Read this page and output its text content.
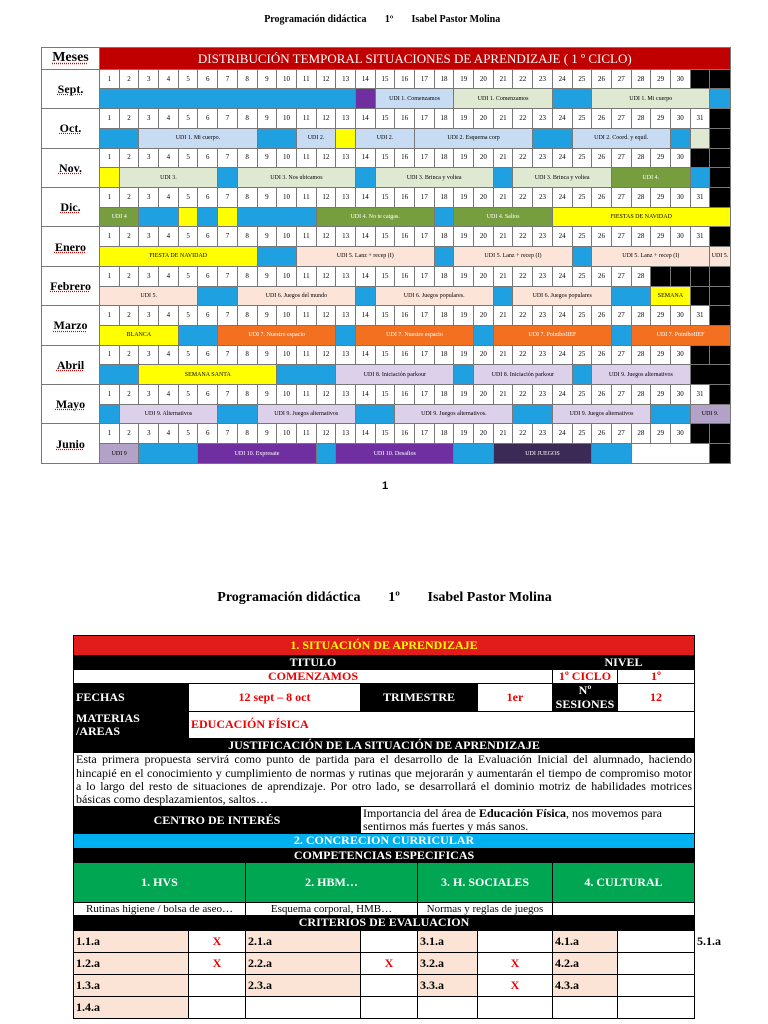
Programación didáctica 1º Isabel Pastor Molina
Meses	DISTRIBUCIÓN TEMPORAL SITUACIONES DE APRENDIZAJE ( 1 º CICLO)																															
Sept.	1	2	3	4	5	6	7	8	9	10	11	12	13	14	15	16	17	18	19	20	21	22	23	24	25	26	27	28	29	30		
															UDI 1. Comenzamos				UDI 1. Comenzamos							UDI 1. Mi cuerpo						
Oct.	1	2	3	4	5	6	7	8	9	10	11	12	13	14	15	16	17	18	19	20	21	22	23	24	25	26	27	28	29	30	31	
			UDI 1. Mi cuerpo.								UDI 2.			UDI 2.			UDI 2. Esquema corp								UDI 2. Coord. y equil.							
Nov.	1	2	3	4	5	6	7	8	9	10	11	12	13	14	15	16	17	18	19	20	21	22	23	24	25	26	27	28	29	30		
		UDI 3.						UDI 3. Nos ubicamos							UDI 3. Brinca y voltea							UDI 3. Brinca y voltea					UDI 4.					
Dic.	1	2	3	4	5	6	7	8	9	10	11	12	13	14	15	16	17	18	19	20	21	22	23	24	25	26	27	28	29	30	31	
	UDI 4											UDI 4. No te caigas.							UDI 4. Saltos					FIESTAS DE NAVIDAD								
Enero	1	2	3	4	5	6	7	8	9	10	11	12	13	14	15	16	17	18	19	20	21	22	23	24	25	26	27	28	29	30	31	
	FIESTA DE NAVIDAD										UDI 5. Lanz + recep (I)								UDI 5. Lanz + recep (I)							UDI 5. Lanz + recep (I)						UDI 5.
Febrero	1	2	3	4	5	6	7	8	9	10	11	12	13	14	15	16	17	18	19	20	21	22	23	24	25	26	27	28				
	UDI 5.							UDI 6. Juegos del mundo							UDI 6. Juegos populares.							UDI 6. Juegos populares							SEMANA			
Marzo	1	2	3	4	5	6	7	8	9	10	11	12	13	14	15	16	17	18	19	20	21	22	23	24	25	26	27	28	29	30	31	
	BLANCA						UDI 7. Nuestro espacio							UDI 7. Nuestro espacio							UDI 7. PointboIIEF							UDI 7. PointboIIEF				
Abril	1	2	3	4	5	6	7	8	9	10	11	12	13	14	15	16	17	18	19	20	21	22	23	24	25	26	27	28	29	30		
			SEMANA SANTA										UDI 8. Iniciación parkour							UDI 8. Iniciación parkour						UDI 9. Juegos alternativos						
Mayo	1	2	3	4	5	6	7	8	9	10	11	12	13	14	15	16	17	18	19	20	21	22	23	24	25	26	27	28	29	30	31	
		UDI 9. Alternativos							UDI 9. Juegos alternativos							UDI 9. Juegos alternativos.								UDI 9. Juegos alternativos							UDI 9.	
Junio	1	2	3	4	5	6	7	8	9	10	11	12	13	14	15	16	17	18	19	20	21	22	23	24	25	26	27	28	29	30		
	UDI 9					UDI 10. Expresate							UDI 10. Desafios								UDI JUEGOS											
1
Programación didáctica 1º Isabel Pastor Molina
1. SITUACIÓN DE APRENDIZAJE								
TITULO						NIVEL		
COMENZAMOS						1º CICLO	1º	
FECHAS	12 sept – 8 oct		TRIMESTRE		1er	Nº SESIONES	12	
MATERIAS /AREAS	EDUCACIÓN FÍSICA							
JUSTIFICACIÓN DE LA SITUACIÓN DE APRENDIZAJE								
Esta primera propuesta servirá como punto de partida para el desarrollo de la Evaluación Inicial del alumnado, haciendo hincapié en el conocimiento y cumplimiento de normas y rutinas que mejorarán y aumentarán el tiempo de compromiso motor a lo largo del resto de situaciones de aprendizaje. Por otro lado, se desarrollará el dominio motriz de habilidades motrices básicas como desplazamientos, saltos…								
CENTRO DE INTERÉS			Importancia del área de Educación Física, nos movemos para sentirnos más fuertes y más sanos.					
2. CONCRECION CURRICULAR								
COMPETENCIAS ESPECIFICAS								
1. HVS		2. HBM…		3. H. SOCIALES		4. CULTURAL		5. M. NATURAL
Rutinas higiene / bolsa de aseo…		Esquema corporal, HMB…		Normas y reglas de juegos				
CRITERIOS DE EVALUACION								
1.1.a	X	2.1.a		3.1.a		4.1.a		5.1.a
1.2.a	X	2.2.a	X	3.2.a	X	4.2.a		
1.3.a		2.3.a		3.3.a	X	4.3.a		
1.4.a								
